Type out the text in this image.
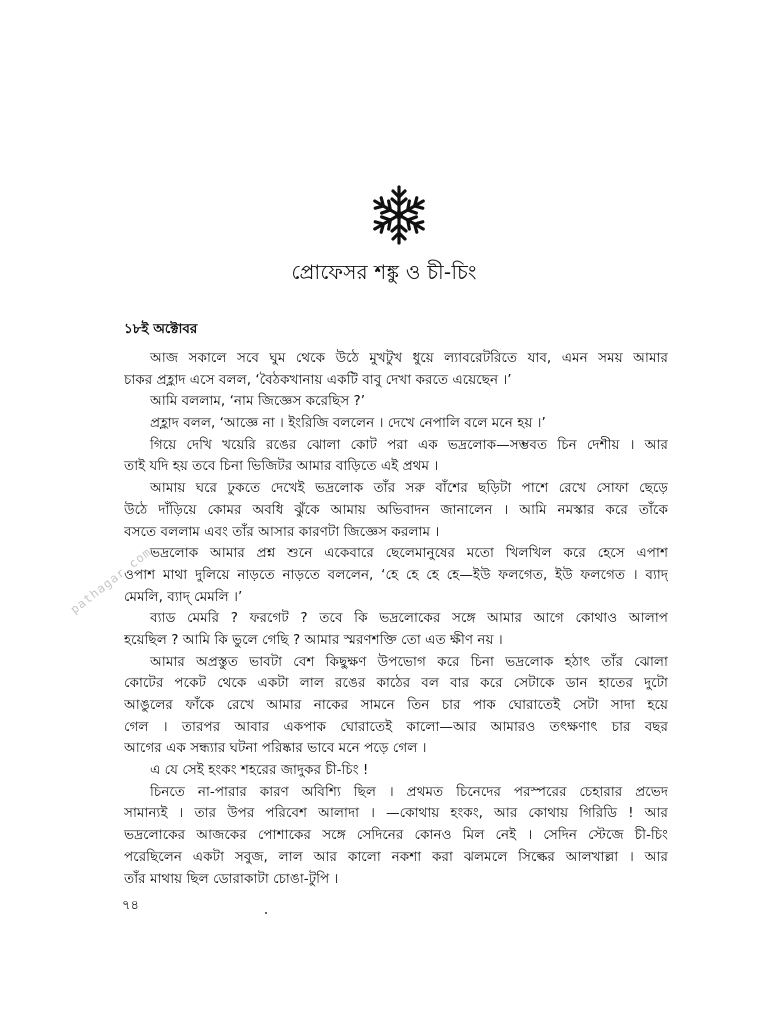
প্রোফেসর শঙ্কু ও চী-চিং
১৮ই অক্টোবর
আজ সকালে সবে ঘুম থেকে উঠে মুখটুখ ধুয়ে ল্যাবরেটরিতে যাব, এমন সময় আমার
চাকর প্রহ্লাদ এসে বলল, ‘বৈঠকখানায় একটি বাবু দেখা করতে এয়েছেন ।’
আমি বললাম, ‘নাম জিজ্ঞেস করেছিস ?’
প্রহ্লাদ বলল, ‘আজ্ঞে না । ইংরিজি বললেন । দেখে নেপালি বলে মনে হয় ।’
গিয়ে দেখি খয়েরি রঙের ঝোলা কোট পরা এক ভদ্রলোক—সম্ভবত চিন দেশীয় । আর
তাই যদি হয় তবে চিনা ভিজিটর আমার বাড়িতে এই প্রথম ।
আমায় ঘরে ঢুকতে দেখেই ভদ্রলোক তাঁর সরু বাঁশের ছড়িটা পাশে রেখে সোফা ছেড়ে
উঠে দাঁড়িয়ে কোমর অবধি ঝুঁকে আমায় অভিবাদন জানালেন । আমি নমস্কার করে তাঁকে
বসতে বললাম এবং তাঁর আসার কারণটা জিজ্ঞেস করলাম ।
ভদ্রলোক আমার প্রশ্ন শুনে একেবারে ছেলেমানুষের মতো খিলখিল করে হেসে এপাশ
ওপাশ মাথা দুলিয়ে নাড়তে নাড়তে বললেন, ‘হে হে হে হে—ইউ ফলগেত, ইউ ফলগেত । ব্যাদ্
মেমলি, ব্যাদ্ মেমলি ।’
ব্যাড মেমরি ? ফরগেট ? তবে কি ভদ্রলোকের সঙ্গে আমার আগে কোথাও আলাপ
হয়েছিল ? আমি কি ভুলে গেছি ? আমার স্মরণশক্তি তো এত ক্ষীণ নয় ।
আমার অপ্রস্তুত ভাবটা বেশ কিছুক্ষণ উপভোগ করে চিনা ভদ্রলোক হঠাৎ তাঁর ঝোলা
কোটের পকেট থেকে একটা লাল রঙের কাঠের বল বার করে সেটাকে ডান হাতের দুটো
আঙুলের ফাঁকে রেখে আমার নাকের সামনে তিন চার পাক ঘোরাতেই সেটা সাদা হয়ে
গেল । তারপর আবার একপাক ঘোরাতেই কালো—আর আমারও তৎক্ষণাৎ চার বছর
আগের এক সন্ধ্যার ঘটনা পরিষ্কার ভাবে মনে পড়ে গেল ।
এ যে সেই হংকং শহরের জাদুকর চী-চিং !
চিনতে না-পারার কারণ অবিশ্যি ছিল । প্রথমত চিনেদের পরস্পরের চেহারার প্রভেদ
সামান্যই । তার উপর পরিবেশ আলাদা । —কোথায় হংকং, আর কোথায় গিরিডি ! আর
ভদ্রলোকের আজকের পোশাকের সঙ্গে সেদিনের কোনও মিল নেই । সেদিন স্টেজে চী-চিং
পরেছিলেন একটা সবুজ, লাল আর কালো নকশা করা ঝলমলে সিল্কের আলখাল্লা । আর
তাঁর মাথায় ছিল ডোরাকাটা চোঙা-টুপি ।
pathagar.com
৭৪
